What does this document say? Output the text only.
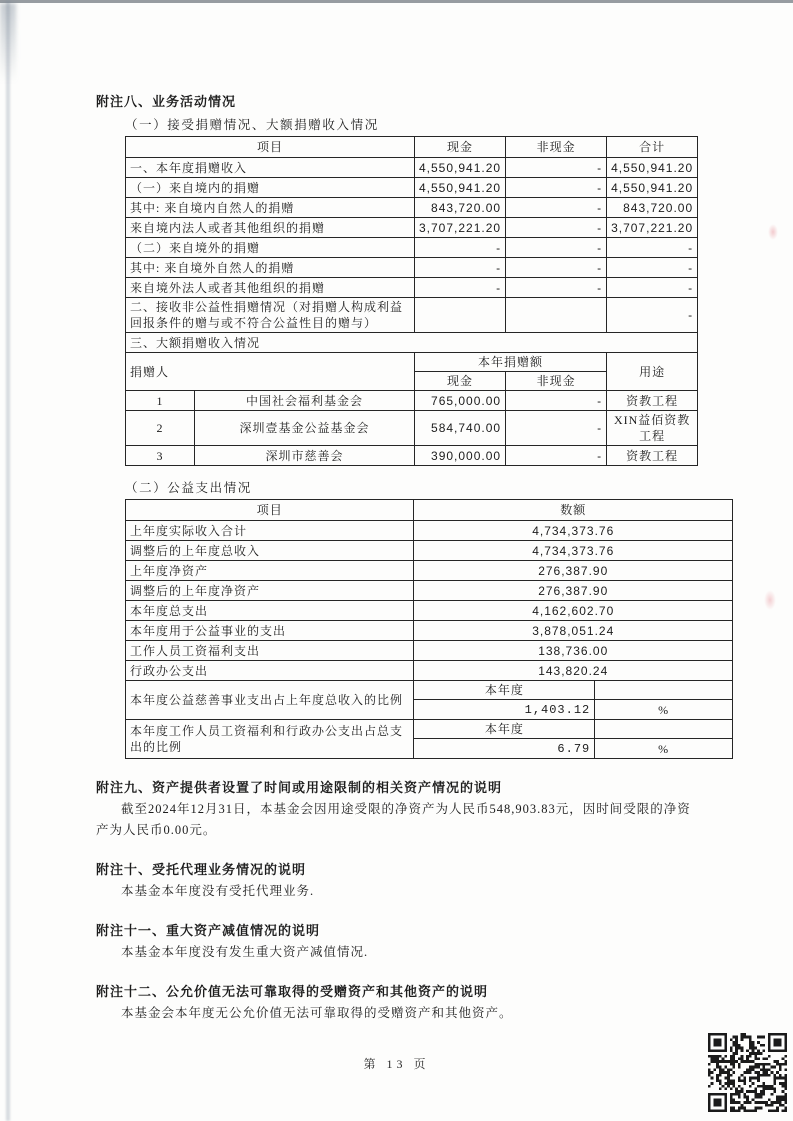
附注八、业务活动情况

（一）接受捐赠情况、大额捐赠收入情况

项目		现金	非现金	合计
一、本年度捐赠收入		4,550,941.20	-	4,550,941.20
（一）来自境内的捐赠		4,550,941.20	-	4,550,941.20
其中: 来自境内自然人的捐赠		843,720.00	-	843,720.00
来自境内法人或者其他组织的捐赠		3,707,221.20	-	3,707,221.20
（二）来自境外的捐赠		-	-	-
其中: 来自境外自然人的捐赠		-	-	-
来自境外法人或者其他组织的捐赠		-	-	-
二、接收非公益性捐赠情况（对捐赠人构成利益回报条件的赠与或不符合公益性目的赠与）				-
三、大额捐赠收入情况				
捐赠人		本年捐赠额		用途
		现金	非现金	
1	中国社会福利基金会	765,000.00	-	资教工程
2	深圳壹基金公益基金会	584,740.00	-	XIN益佰资教工程
3	深圳市慈善会	390,000.00	-	资教工程

（二）公益支出情况

项目	数额	
上年度实际收入合计	4,734,373.76	
调整后的上年度总收入	4,734,373.76	
上年度净资产	276,387.90	
调整后的上年度净资产	276,387.90	
本年度总支出	4,162,602.70	
本年度用于公益事业的支出	3,878,051.24	
工作人员工资福利支出	138,736.00	
行政办公支出	143,820.24	
本年度公益慈善事业支出占上年度总收入的比例	本年度	
	1,403.12	%
本年度工作人员工资福利和行政办公支出占总支出的比例	本年度	
	6.79	%

附注九、资产提供者设置了时间或用途限制的相关资产情况的说明

截至2024年12月31日，本基金会因用途受限的净资产为人民币548,903.83元，因时间受限的净资产为人民币0.00元。

附注十、受托代理业务情况的说明

本基金本年度没有受托代理业务.

附注十一、重大资产减值情况的说明

本基金本年度没有发生重大资产减值情况.

附注十二、公允价值无法可靠取得的受赠资产和其他资产的说明

本基金会本年度无公允价值无法可靠取得的受赠资产和其他资产。

第 13 页
